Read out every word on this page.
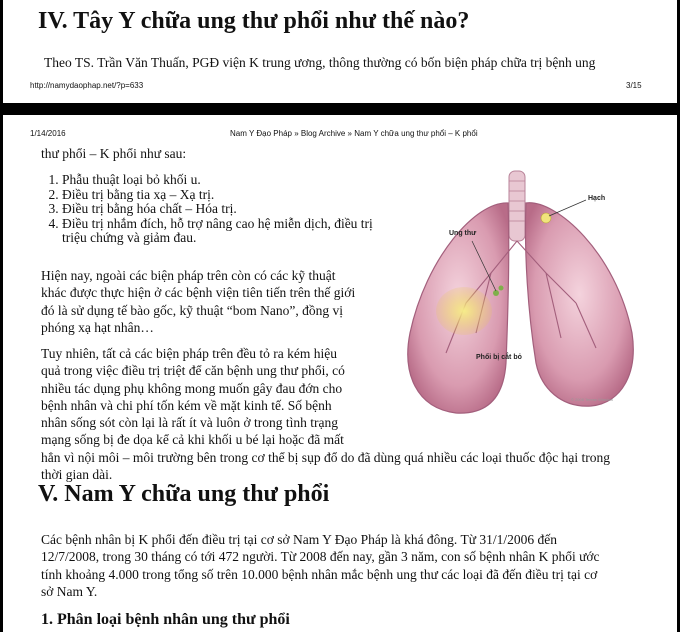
IV. Tây Y chữa ung thư phổi như thế nào?
Theo TS. Trần Văn Thuấn, PGĐ viện K trung ương, thông thường có bốn biện pháp chữa trị bệnh ung
http://namydaophap.net/?p=633	3/15
1/14/2016	Nam Y Đạo Pháp » Blog Archive » Nam Y chữa ung thư phổi – K phổi

thư phổi – K phổi như sau:

1. Phẫu thuật loại bỏ khối u.
2. Điều trị bằng tia xạ – Xạ trị.
3. Điều trị bằng hóa chất – Hóa trị.
4. Điều trị nhắm đích, hỗ trợ nâng cao hệ miễn dịch, điều trị triệu chứng và giảm đau.
Hiện nay, ngoài các biện pháp trên còn có các kỹ thuật
khác được thực hiện ở các bệnh viện tiên tiến trên thế giới
đó là sử dụng tế bào gốc, kỹ thuật “bom Nano”, đồng vị
phóng xạ hạt nhân…
Tuy nhiên, tất cả các biện pháp trên đều tỏ ra kém hiệu
quả trong việc điều trị triệt để căn bệnh ung thư phổi, có
nhiều tác dụng phụ không mong muốn gây đau đớn cho
bệnh nhân và chi phí tốn kém về mặt kinh tế. Số bệnh
nhân sống sót còn lại là rất ít và luôn ở trong tình trạng
mạng sống bị đe dọa kể cả khi khối u bé lại hoặc đã mất
hẳn vì nội môi – môi trường bên trong cơ thể bị sụp đổ do đã dùng quá nhiều các loại thuốc độc hại trong
thời gian dài.
Hạch
Ung thư
Phổi bị cắt bỏ
© 2006 Terese Winslow
V. Nam Y chữa ung thư phổi
Các bệnh nhân bị K phổi đến điều trị tại cơ sở Nam Y Đạo Pháp là khá đông. Từ 31/1/2006 đến
12/7/2008, trong 30 tháng có tới 472 người. Từ 2008 đến nay, gần 3 năm, con số bệnh nhân K phổi ước
tính khoảng 4.000 trong tổng số trên 10.000 bệnh nhân mắc bệnh ung thư các loại đã đến điều trị tại cơ
sở Nam Y.
1. Phân loại bệnh nhân ung thư phổi
